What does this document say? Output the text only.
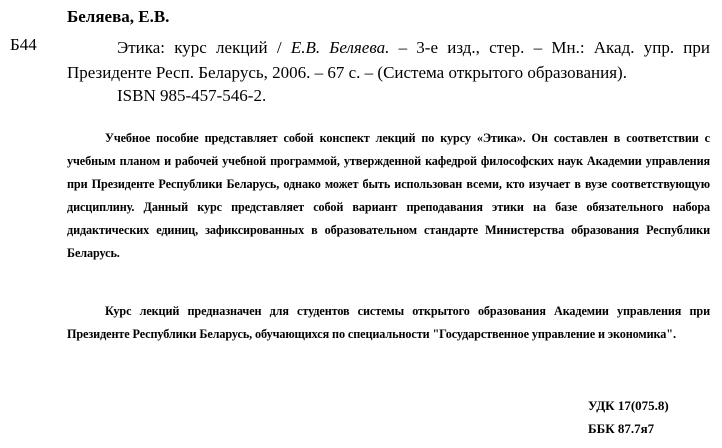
Беляева, Е.В.
Б44	Этика: курс лекций / Е.В. Беляева. – 3-е изд., стер. – Мн.: Акад. упр. при Президенте Респ. Беларусь, 2006. – 67 с. – (Система открытого образования).
ISBN 985-457-546-2.

Учебное пособие представляет собой конспект лекций по курсу «Этика». Он составлен в соответствии с учебным планом и рабочей учебной программой, утвержденной кафедрой философских наук Академии управления при Президенте Республики Беларусь, однако может быть использован всеми, кто изучает в вузе соответствующую дисциплину. Данный курс представляет собой вариант преподавания этики на базе обязательного набора дидактических единиц, зафиксированных в образовательном стандарте Министерства образования Республики Беларусь.

Курс лекций предназначен для студентов системы открытого образования Академии управления при Президенте Республики Беларусь, обучающихся по специальности "Государственное управление и экономика".

УДК 17(075.8)
ББК 87.7я7
